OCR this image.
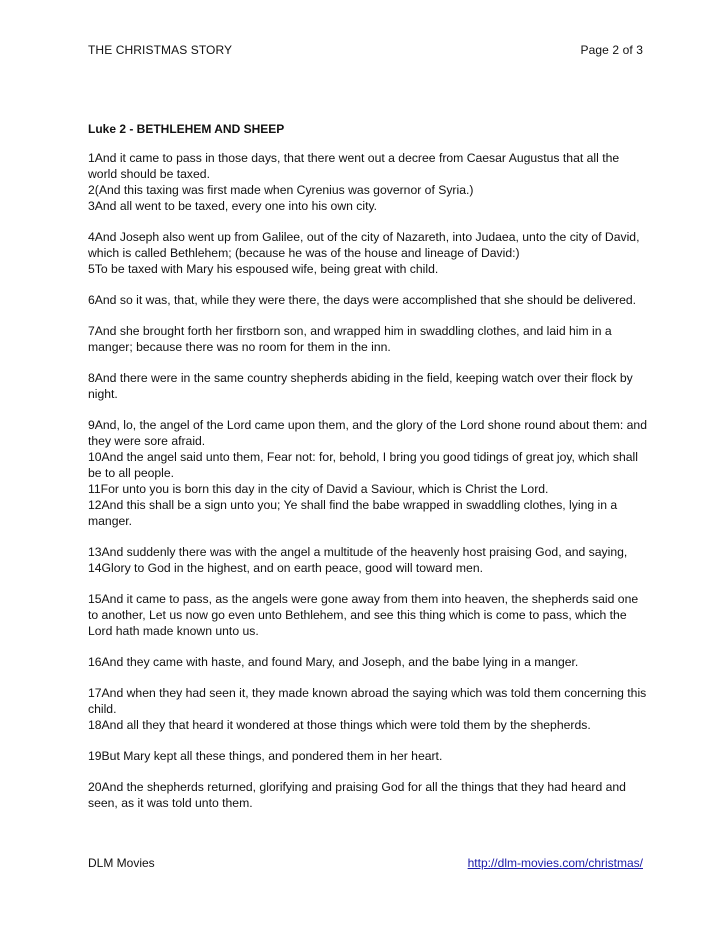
THE CHRISTMAS STORY	Page 2 of 3
Luke 2 - BETHLEHEM AND SHEEP
1And it came to pass in those days, that there went out a decree from Caesar Augustus that all the world should be taxed.
2(And this taxing was first made when Cyrenius was governor of Syria.)
3And all went to be taxed, every one into his own city.
4And Joseph also went up from Galilee, out of the city of Nazareth, into Judaea, unto the city of David, which is called Bethlehem; (because he was of the house and lineage of David:)
5To be taxed with Mary his espoused wife, being great with child.
6And so it was, that, while they were there, the days were accomplished that she should be delivered.
7And she brought forth her firstborn son, and wrapped him in swaddling clothes, and laid him in a manger; because there was no room for them in the inn.
8And there were in the same country shepherds abiding in the field, keeping watch over their flock by night.
9And, lo, the angel of the Lord came upon them, and the glory of the Lord shone round about them: and they were sore afraid.
10And the angel said unto them, Fear not: for, behold, I bring you good tidings of great joy, which shall be to all people.
11For unto you is born this day in the city of David a Saviour, which is Christ the Lord.
12And this shall be a sign unto you; Ye shall find the babe wrapped in swaddling clothes, lying in a manger.
13And suddenly there was with the angel a multitude of the heavenly host praising God, and saying,
14Glory to God in the highest, and on earth peace, good will toward men.
15And it came to pass, as the angels were gone away from them into heaven, the shepherds said one to another, Let us now go even unto Bethlehem, and see this thing which is come to pass, which the Lord hath made known unto us.
16And they came with haste, and found Mary, and Joseph, and the babe lying in a manger.
17And when they had seen it, they made known abroad the saying which was told them concerning this child.
18And all they that heard it wondered at those things which were told them by the shepherds.
19But Mary kept all these things, and pondered them in her heart.
20And the shepherds returned, glorifying and praising God for all the things that they had heard and seen, as it was told unto them.
DLM Movies	http://dlm-movies.com/christmas/
